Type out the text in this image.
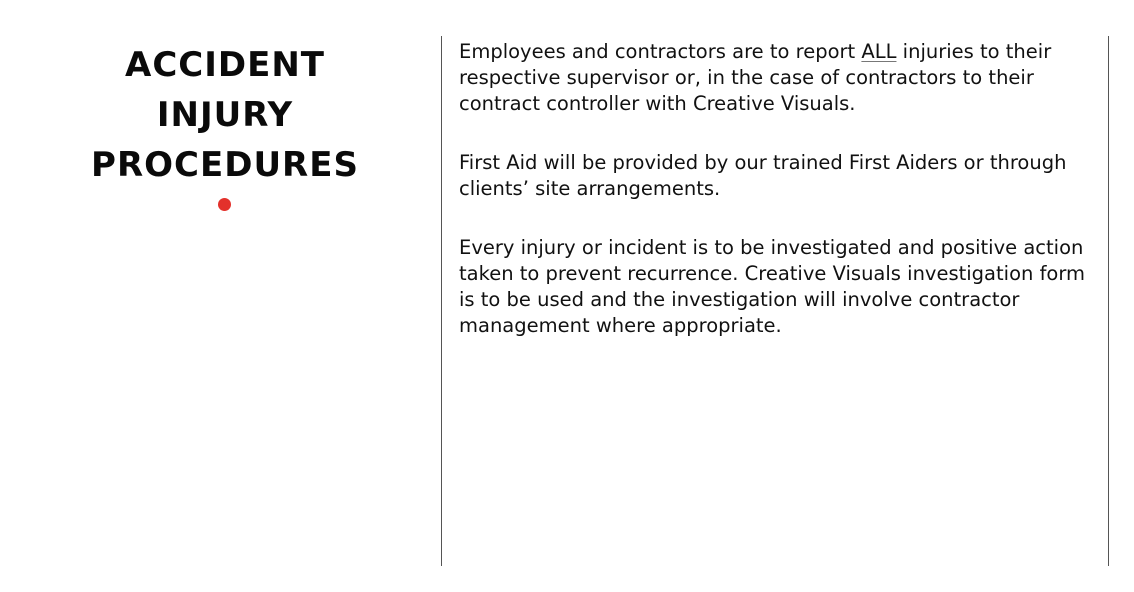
ACCIDENT
INJURY
PROCEDURES

Employees and contractors are to report ALL injuries to their respective supervisor or, in the case of contractors to their contract controller with Creative Visuals.

First Aid will be provided by our trained First Aiders or through clients’ site arrangements.

Every injury or incident is to be investigated and positive action taken to prevent recurrence. Creative Visuals investigation form is to be used and the investigation will involve contractor management where appropriate.
